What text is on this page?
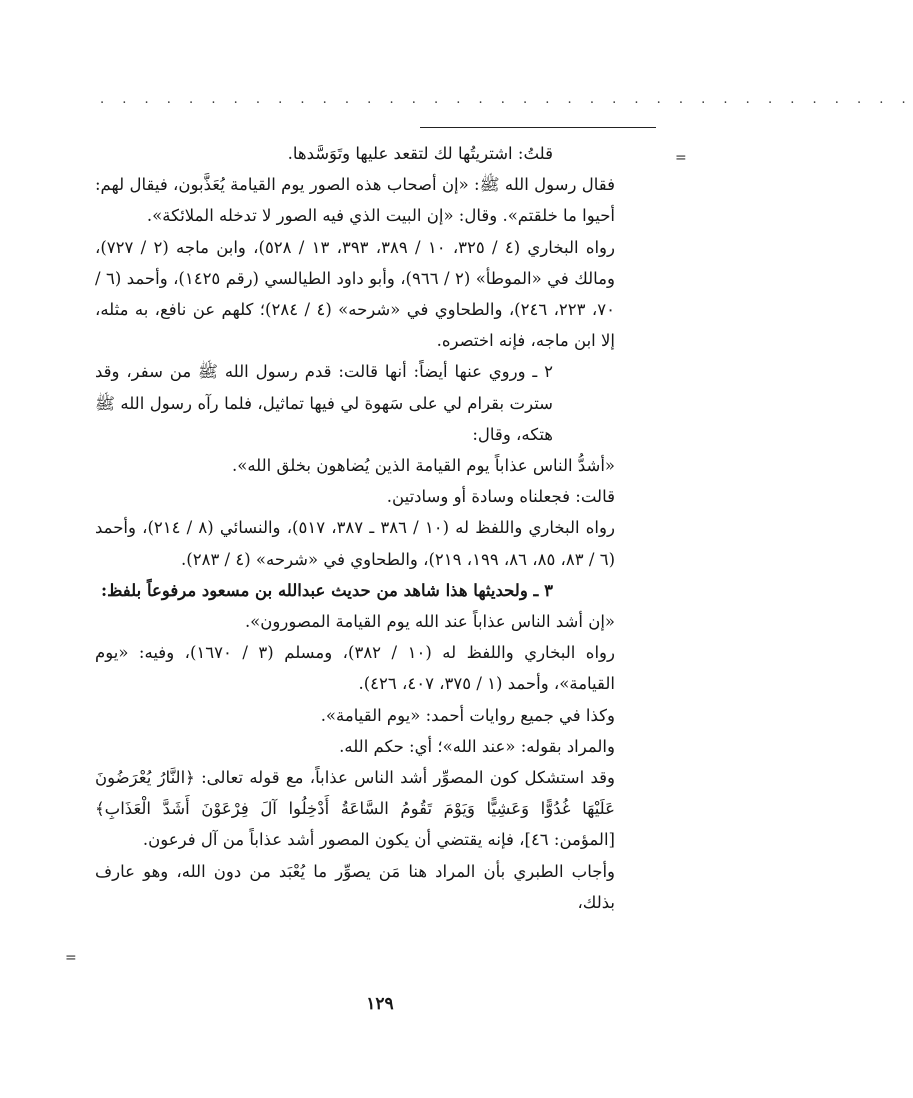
. . . . . . . . . . . . . . . . . . . . . . . . . . . . . . . . . . . . .
=
=

قلتُ: اشتريتُها لك لتقعد عليها وتَوَسَّدها.

فقال رسول الله ﷺ: «إن أصحاب هذه الصور يوم القيامة يُعَذَّبون، فيقال لهم: أحيوا ما خلقتم». وقال: «إن البيت الذي فيه الصور لا تدخله الملائكة».

رواه البخاري (٤ / ٣٢٥، ١٠ / ٣٨٩، ٣٩٣، ١٣ / ٥٢٨)، وابن ماجه (٢ / ٧٢٧)، ومالك في «الموطأ» (٢ / ٩٦٦)، وأبو داود الطيالسي (رقم ١٤٢٥)، وأحمد (٦ / ٧٠، ٢٢٣، ٢٤٦)، والطحاوي في «شرحه» (٤ / ٢٨٤)؛ كلهم عن نافع، به مثله، إلا ابن ماجه، فإنه اختصره.

٢ ـ وروي عنها أيضاً: أنها قالت: قدم رسول الله ﷺ من سفر، وقد سترت بقرام لي على سَهوة لي فيها تماثيل، فلما رآه رسول الله ﷺ هتكه، وقال:

«أشدُّ الناس عذاباً يوم القيامة الذين يُضاهون بخلق الله».

قالت: فجعلناه وسادة أو وسادتين.

رواه البخاري واللفظ له (١٠ / ٣٨٦ ـ ٣٨٧، ٥١٧)، والنسائي (٨ / ٢١٤)، وأحمد (٦ / ٨٣، ٨٥، ٨٦، ١٩٩، ٢١٩)، والطحاوي في «شرحه» (٤ / ٢٨٣).

٣ ـ ولحديثها هذا شاهد من حديث عبدالله بن مسعود مرفوعاً بلفظ:

«إن أشد الناس عذاباً عند الله يوم القيامة المصورون».

رواه البخاري واللفظ له (١٠ / ٣٨٢)، ومسلم (٣ / ١٦٧٠)، وفيه: «يوم القيامة»، وأحمد (١ / ٣٧٥، ٤٠٧، ٤٢٦).

وكذا في جميع روايات أحمد: «يوم القيامة».

والمراد بقوله: «عند الله»؛ أي: حكم الله.

وقد استشكل كون المصوِّر أشد الناس عذاباً، مع قوله تعالى: ﴿النَّارُ يُعْرَضُونَ عَلَيْهَا غُدُوًّا وَعَشِيًّا وَيَوْمَ تَقُومُ السَّاعَةُ أَدْخِلُوا آلَ فِرْعَوْنَ أَشَدَّ الْعَذَابِ﴾ [المؤمن: ٤٦]، فإنه يقتضي أن يكون المصور أشد عذاباً من آل فرعون.

وأجاب الطبري بأن المراد هنا مَن يصوِّر ما يُعْبَد من دون الله، وهو عارف بذلك،

١٢٩
